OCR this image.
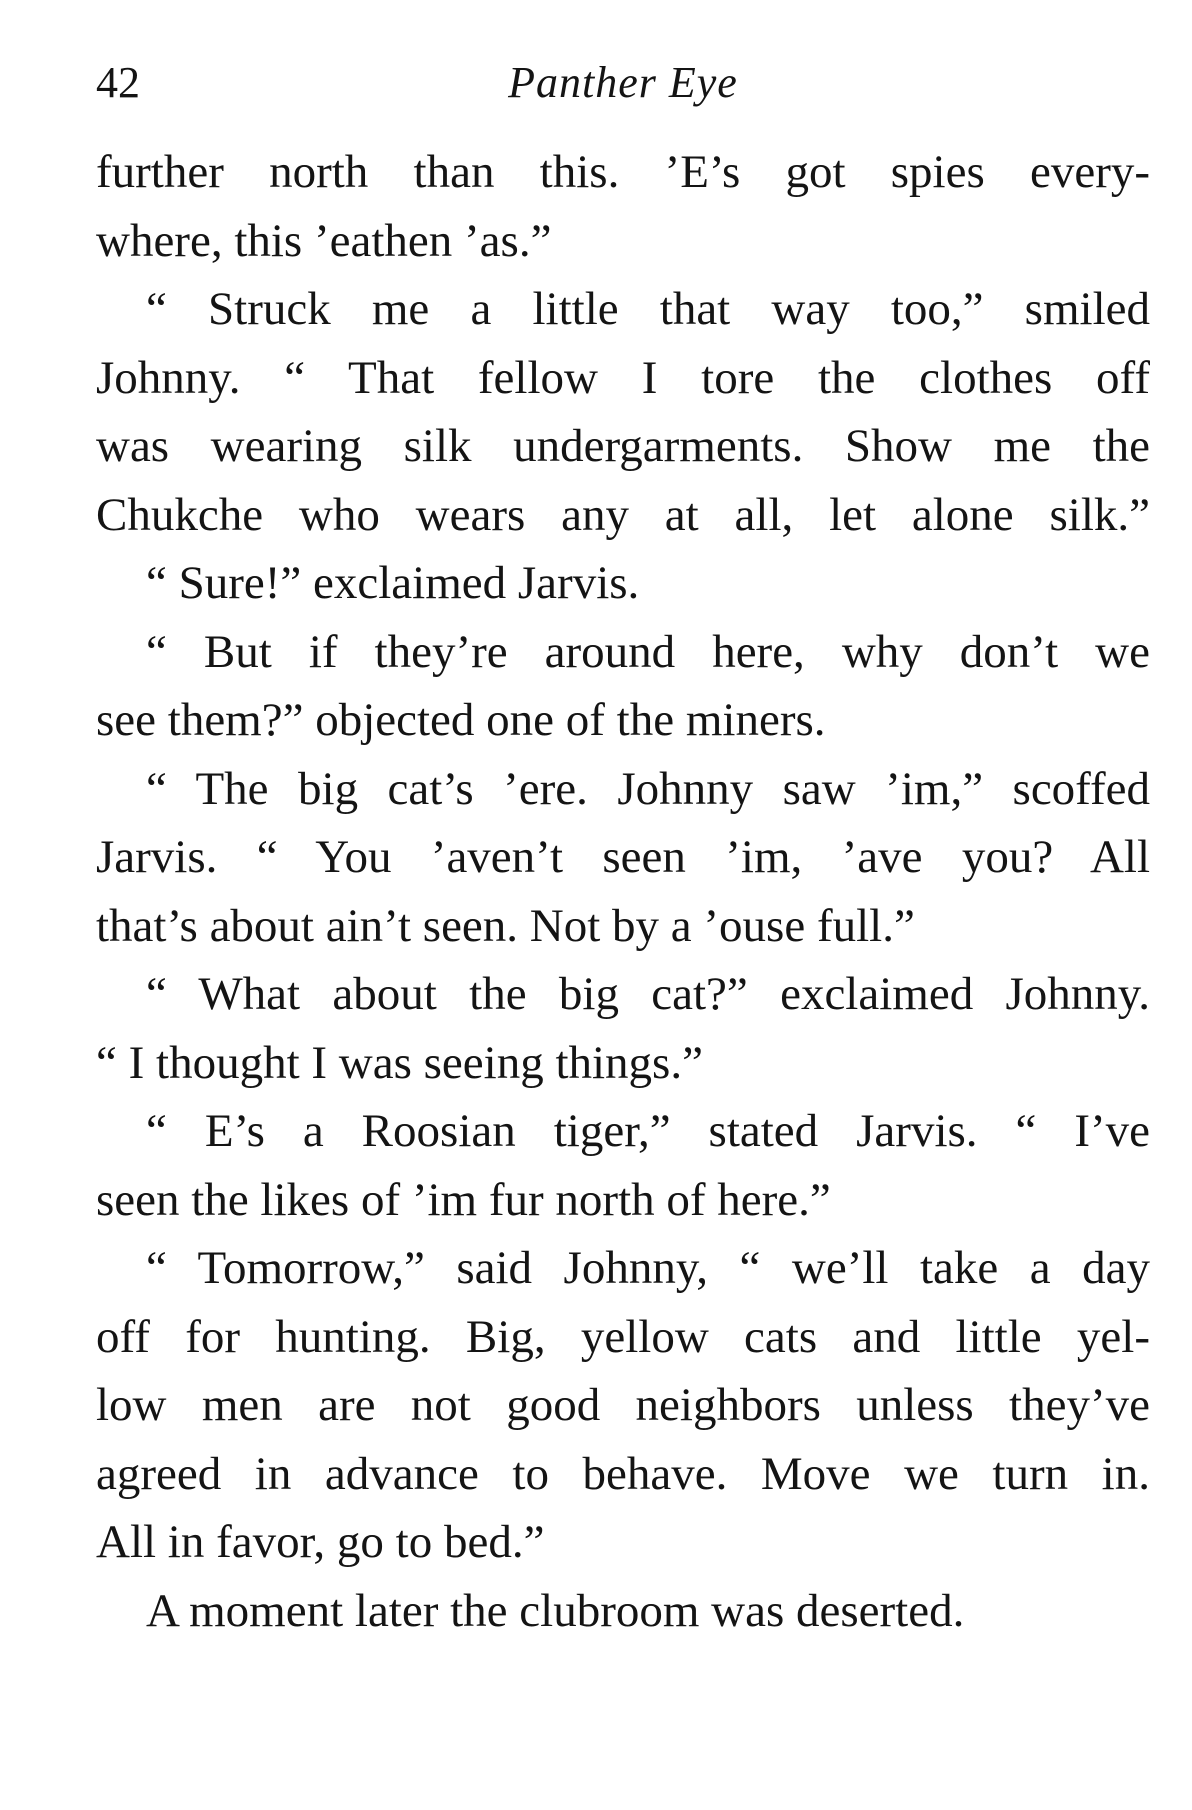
42	Panther Eye
further north than this. ’E’s got spies every-
where, this ’eathen ’as.”
“ Struck me a little that way too,” smiled
Johnny. “ That fellow I tore the clothes off
was wearing silk undergarments. Show me the
Chukche who wears any at all, let alone silk.”
“ Sure!” exclaimed Jarvis.
“ But if they’re around here, why don’t we
see them?” objected one of the miners.
“ The big cat’s ’ere. Johnny saw ’im,” scoffed
Jarvis. “ You ’aven’t seen ’im, ’ave you? All
that’s about ain’t seen. Not by a ’ouse full.”
“ What about the big cat?” exclaimed Johnny.
“ I thought I was seeing things.”
“ E’s a Roosian tiger,” stated Jarvis. “ I’ve
seen the likes of ’im fur north of here.”
“ Tomorrow,” said Johnny, “ we’ll take a day
off for hunting. Big, yellow cats and little yel-
low men are not good neighbors unless they’ve
agreed in advance to behave. Move we turn in.
All in favor, go to bed.”
A moment later the clubroom was deserted.
